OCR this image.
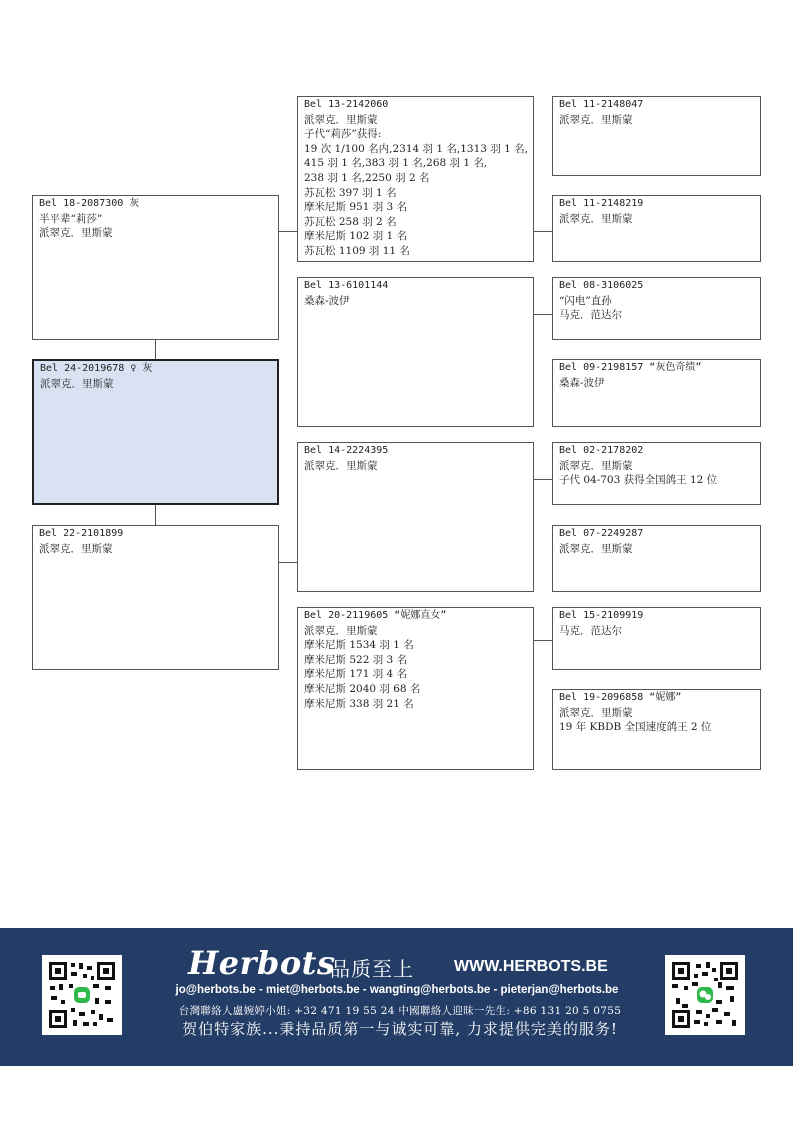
Bel 18-2087300 灰
半平辈“莉莎”
派翠克．里斯蒙
Bel 24-2019678 ♀ 灰
派翠克．里斯蒙
Bel 22-2101899
派翠克．里斯蒙
Bel 13-2142060
派翠克．里斯蒙
子代“莉莎”获得:
19 次 1/100 名内,2314 羽 1 名,1313 羽 1 名,
415 羽 1 名,383 羽 1 名,268 羽 1 名,
238 羽 1 名,2250 羽 2 名
苏瓦松 397 羽 1 名
摩米尼斯 951 羽 3 名
苏瓦松 258 羽 2 名
摩米尼斯 102 羽 1 名
苏瓦松 1109 羽 11 名
Bel 13-6101144
桑森-波伊
Bel 14-2224395
派翠克．里斯蒙
Bel 20-2119605 “妮娜直女”
派翠克．里斯蒙
摩米尼斯 1534 羽 1 名
摩米尼斯 522 羽 3 名
摩米尼斯 171 羽 4 名
摩米尼斯 2040 羽 68 名
摩米尼斯 338 羽 21 名
Bel 11-2148047
派翠克．里斯蒙
Bel 11-2148219
派翠克．里斯蒙
Bel 08-3106025
“闪电”直孙
马克．范达尔
Bel 09-2198157 “灰色奇绩”
桑森-波伊
Bel 02-2178202
派翠克．里斯蒙
子代 04-703 获得全国鸽王 12 位
Bel 07-2249287
派翠克．里斯蒙
Bel 15-2109919
马克．范达尔
Bel 19-2096858 “妮娜”
派翠克．里斯蒙
19 年 KBDB 全国速度鸽王 2 位
Herbots
品质至上	WWW.HERBOTS.BE
jo@herbots.be - miet@herbots.be - wangting@herbots.be - pieterjan@herbots.be
台灣聯絡人盧婉婷小姐: +32 471 19 55 24 中國聯絡人迎昧一先生: +86 131 20 5 0755
贺伯特家族...秉持品质第一与诚实可靠, 力求提供完美的服务!
